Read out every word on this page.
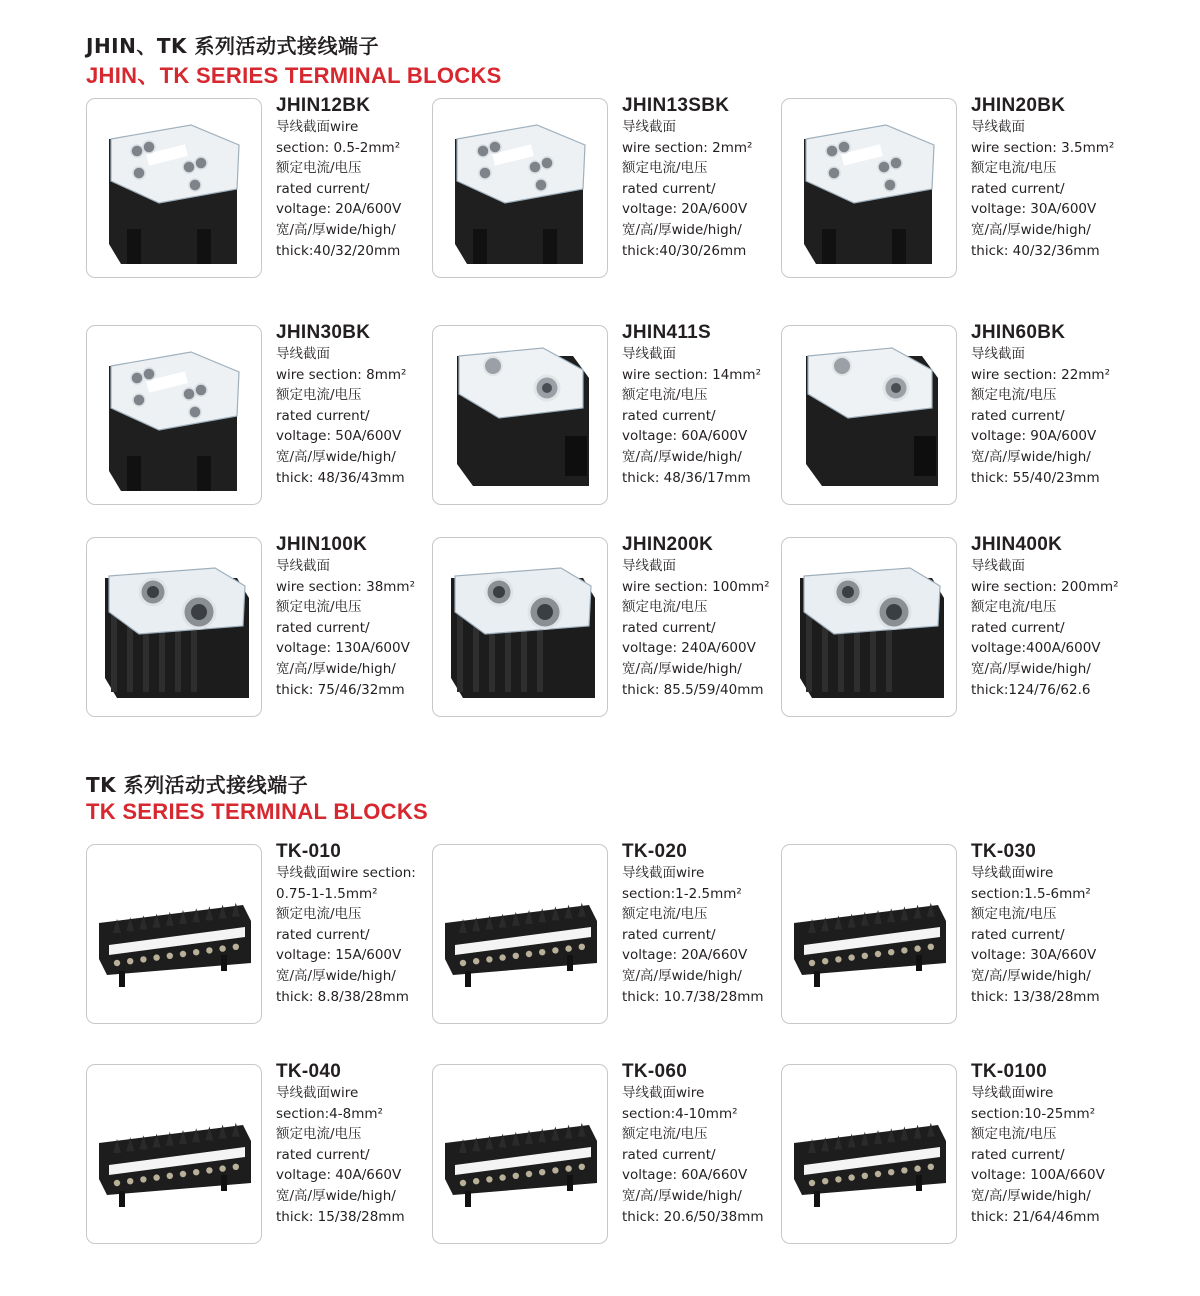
JHIN、TK 系列活动式接线端子
JHIN、TK SERIES TERMINAL BLOCKS
JHIN12BK
导线截面wire
section: 0.5-2mm²
额定电流/电压
rated current/
voltage: 20A/600V
宽/高/厚wide/high/
thick:40/32/20mm
JHIN13SBK
导线截面
wire section: 2mm²
额定电流/电压
rated current/
voltage: 20A/600V
宽/高/厚wide/high/
thick:40/30/26mm
JHIN20BK
导线截面
wire section: 3.5mm²
额定电流/电压
rated current/
voltage: 30A/600V
宽/高/厚wide/high/
thick: 40/32/36mm
JHIN30BK
导线截面
wire section: 8mm²
额定电流/电压
rated current/
voltage: 50A/600V
宽/高/厚wide/high/
thick: 48/36/43mm
JHIN411S
导线截面
wire section: 14mm²
额定电流/电压
rated current/
voltage: 60A/600V
宽/高/厚wide/high/
thick: 48/36/17mm
JHIN60BK
导线截面
wire section: 22mm²
额定电流/电压
rated current/
voltage: 90A/600V
宽/高/厚wide/high/
thick: 55/40/23mm
JHIN100K
导线截面
wire section: 38mm²
额定电流/电压
rated current/
voltage: 130A/600V
宽/高/厚wide/high/
thick: 75/46/32mm
JHIN200K
导线截面
wire section: 100mm²
额定电流/电压
rated current/
voltage: 240A/600V
宽/高/厚wide/high/
thick: 85.5/59/40mm
JHIN400K
导线截面
wire section: 200mm²
额定电流/电压
rated current/
voltage:400A/600V
宽/高/厚wide/high/
thick:124/76/62.6
TK 系列活动式接线端子
TK SERIES TERMINAL BLOCKS
TK-010
导线截面wire section:
0.75-1-1.5mm²
额定电流/电压
rated current/
voltage: 15A/600V
宽/高/厚wide/high/
thick: 8.8/38/28mm
TK-020
导线截面wire
section:1-2.5mm²
额定电流/电压
rated current/
voltage: 20A/660V
宽/高/厚wide/high/
thick: 10.7/38/28mm
TK-030
导线截面wire
section:1.5-6mm²
额定电流/电压
rated current/
voltage: 30A/660V
宽/高/厚wide/high/
thick: 13/38/28mm
TK-040
导线截面wire
section:4-8mm²
额定电流/电压
rated current/
voltage: 40A/660V
宽/高/厚wide/high/
thick: 15/38/28mm
TK-060
导线截面wire
section:4-10mm²
额定电流/电压
rated current/
voltage: 60A/660V
宽/高/厚wide/high/
thick: 20.6/50/38mm
TK-0100
导线截面wire
section:10-25mm²
额定电流/电压
rated current/
voltage: 100A/660V
宽/高/厚wide/high/
thick: 21/64/46mm
